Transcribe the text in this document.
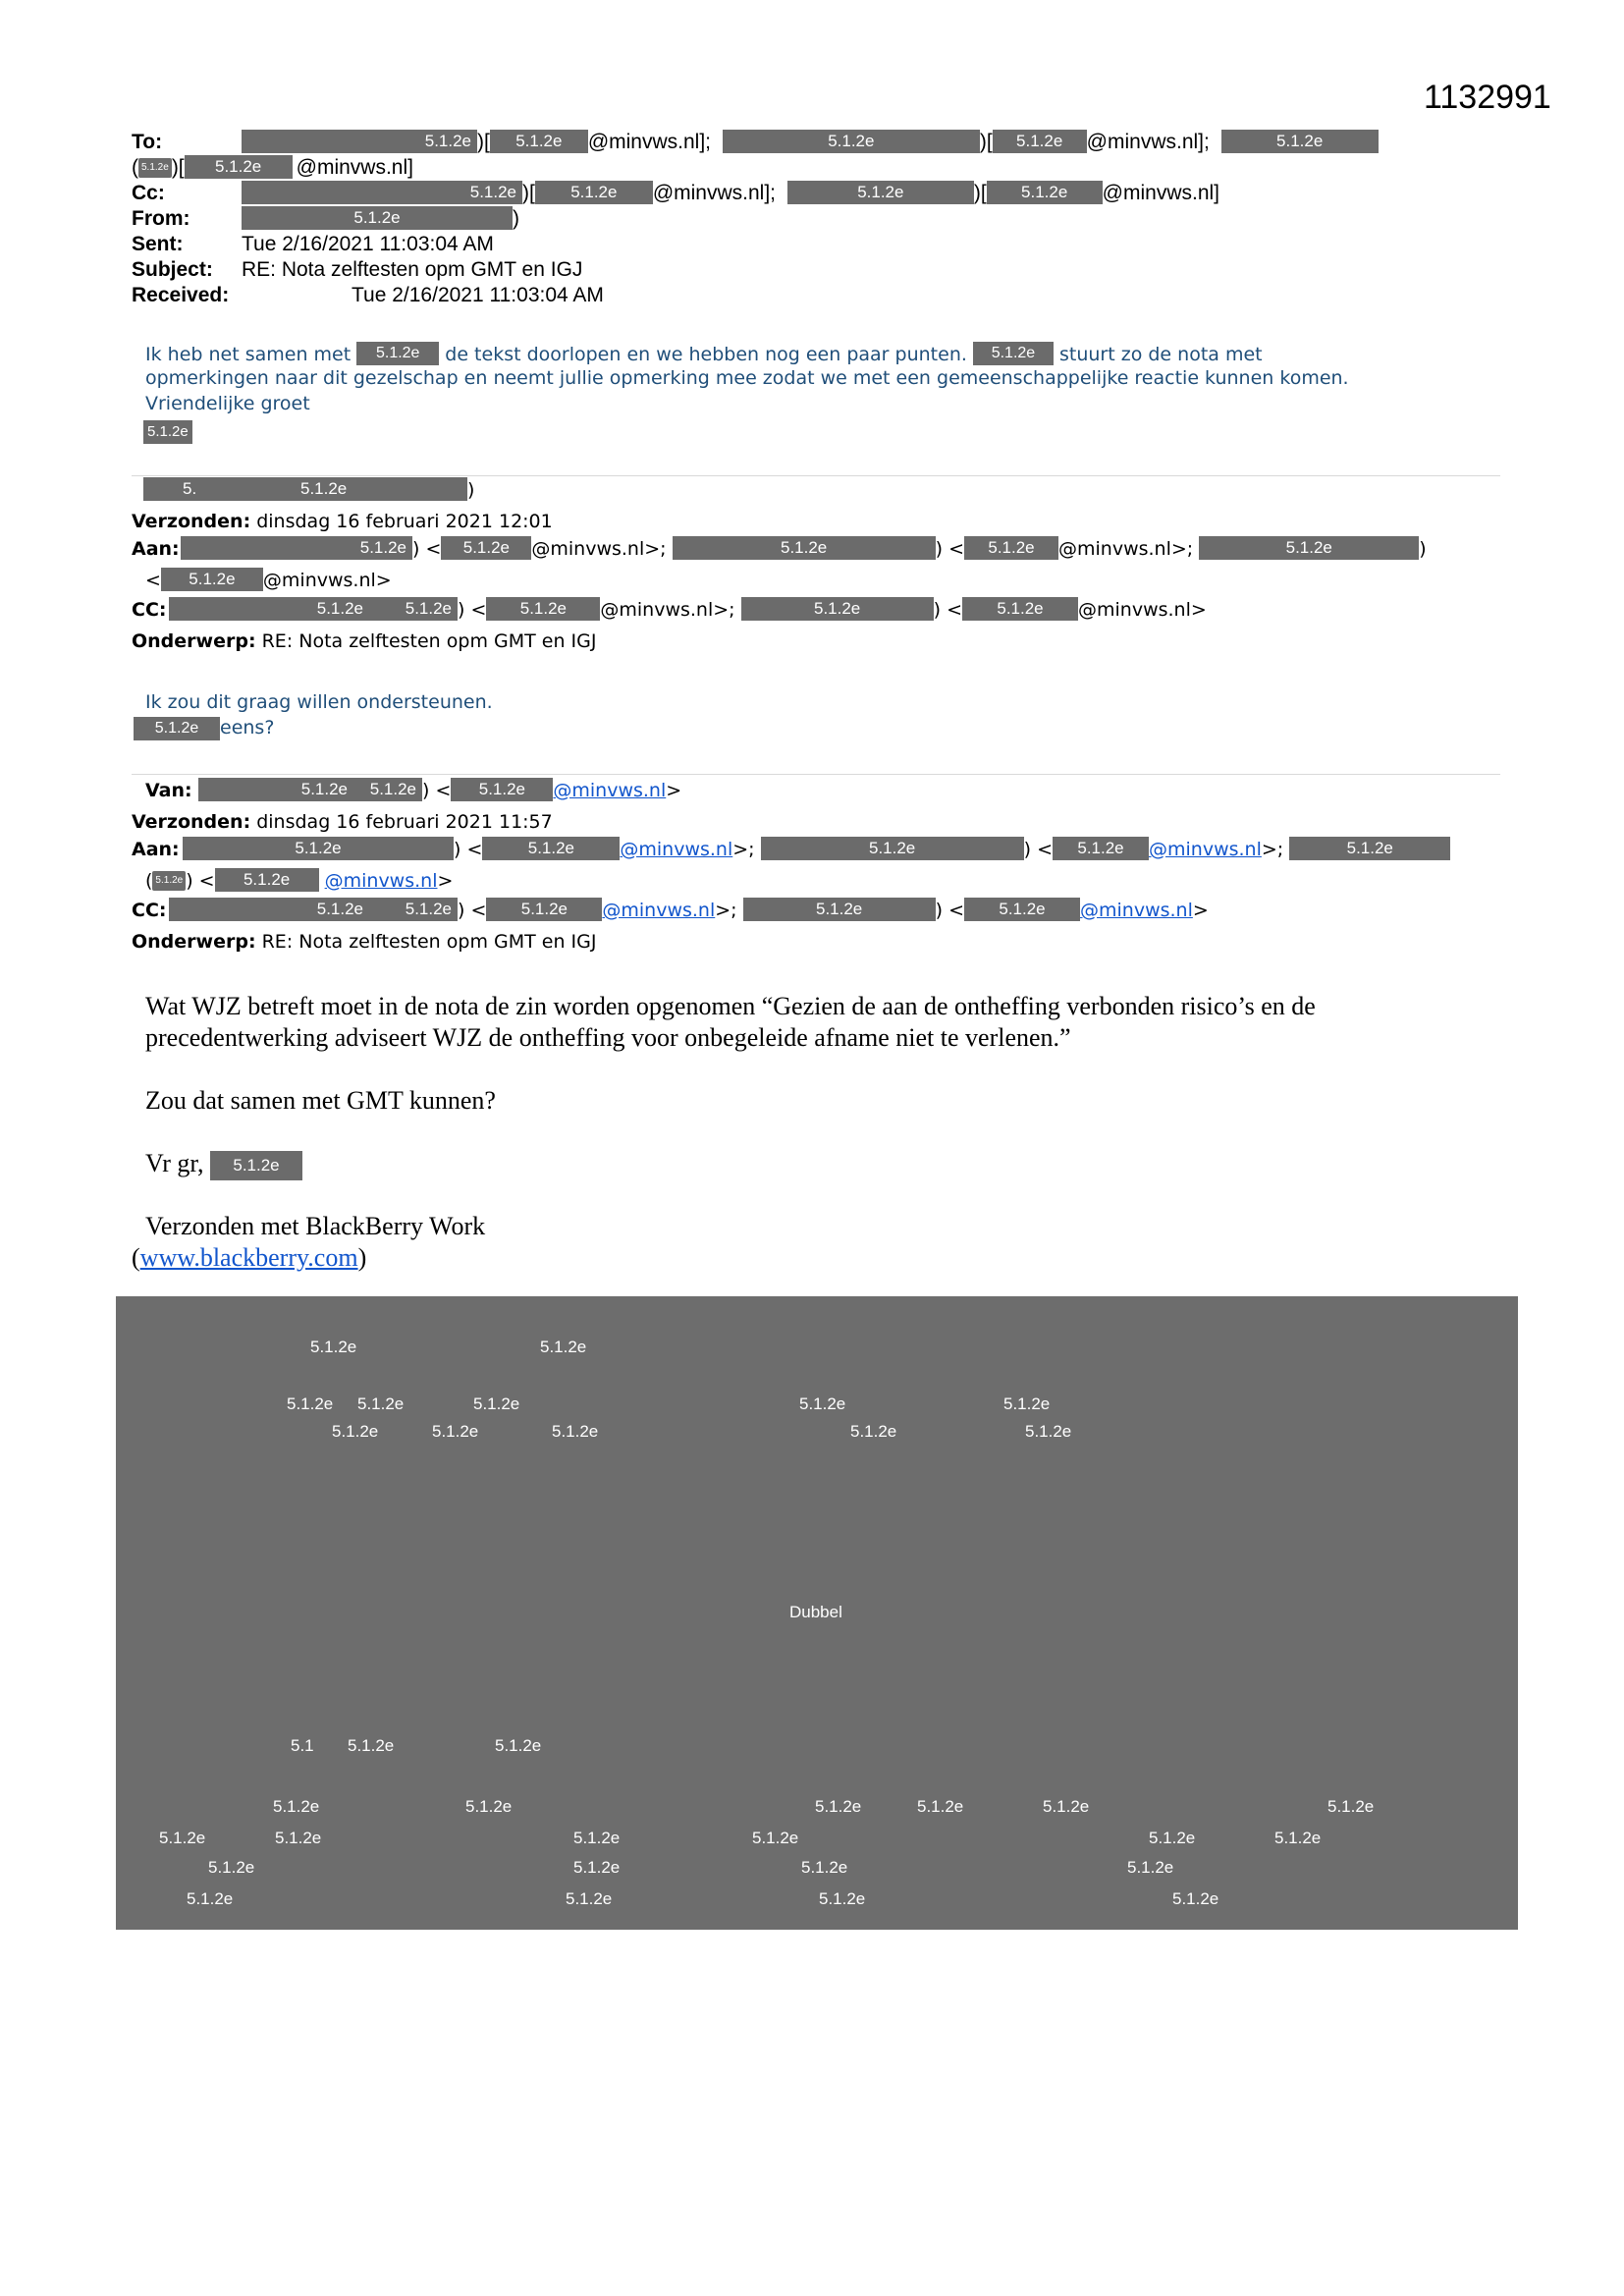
1132991
To:	5.1.2e )[ 5.1.2e @minvws.nl];	5.1.2e	)[ 5.1.2e @minvws.nl];	5.1.2e
( 5.1.2e )[ 5.1.2e @minvws.nl]
Cc:	5.1.2e )[ 5.1.2e @minvws.nl];	5.1.2e	)[ 5.1.2e @minvws.nl]
From:	5.1.2e	)
Sent:	Tue 2/16/2021 11:03:04 AM
Subject: RE: Nota zelftesten opm GMT en IGJ
Received:	Tue 2/16/2021 11:03:04 AM
Ik heb net samen met 5.1.2e de tekst doorlopen en we hebben nog een paar punten. 5.1.2e stuurt zo de nota met
opmerkingen naar dit gezelschap en neemt jullie opmerking mee zodat we met een gemeenschappelijke reactie kunnen komen.
Vriendelijke groet
5.1.2e
5.	5.1.2e	)
Verzonden: dinsdag 16 februari 2021 12:01
Aan:	5.1.2e) < 5.1.2e @minvws.nl>;	5.1.2e	) < 5.1.2e @minvws.nl>;	5.1.2e	)
< 5.1.2e @minvws.nl>
CC:	5.1.2e	5.1.2e) < 5.1.2e @minvws.nl>;	5.1.2e	) < 5.1.2e @minvws.nl>
Onderwerp: RE: Nota zelftesten opm GMT en IGJ
Ik zou dit graag willen ondersteunen.
5.1.2e eens?
Van:	5.1.2e 5.1.2e) < 5.1.2e @minvws.nl>
Verzonden: dinsdag 16 februari 2021 11:57
Aan:	5.1.2e	) <	5.1.2e @minvws.nl>;	5.1.2e	) < 5.1.2e @minvws.nl>;	5.1.2e
( 5.1.2e ) < 5.1.2e @minvws.nl>
CC:	5.1.2e	5.1.2e) < 5.1.2e @minvws.nl>;	5.1.2e	) < 5.1.2e @minvws.nl>
Onderwerp: RE: Nota zelftesten opm GMT en IGJ
Wat WJZ betreft moet in de nota de zin worden opgenomen “Gezien de aan de ontheffing verbonden risico’s en de
precedentwerking adviseert WJZ de ontheffing voor onbegeleide afname niet te verlenen.”
Zou dat samen met GMT kunnen?
Vr gr, 5.1.2e
Verzonden met BlackBerry Work
(www.blackberry.com)
5.1.2e	5.1.2e
5.1.2e 5.1.2e	5.1.2e	5.1.2e	5.1.2e
5.1.2e	5.1.2e	5.1.2e	5.1.2e	5.1.2e
Dubbel
5.1 5.1.2e	5.1.2e
5.1.2e	5.1.2e	5.1.2e	5.1.2e	5.1.2e	5.1.2e
5.1.2e	5.1.2e	5.1.2e	5.1.2e	5.1.2e	5.1.2e
5.1.2e	5.1.2e	5.1.2e	5.1.2e
5.1.2e	5.1.2e	5.1.2e	5.1.2e
